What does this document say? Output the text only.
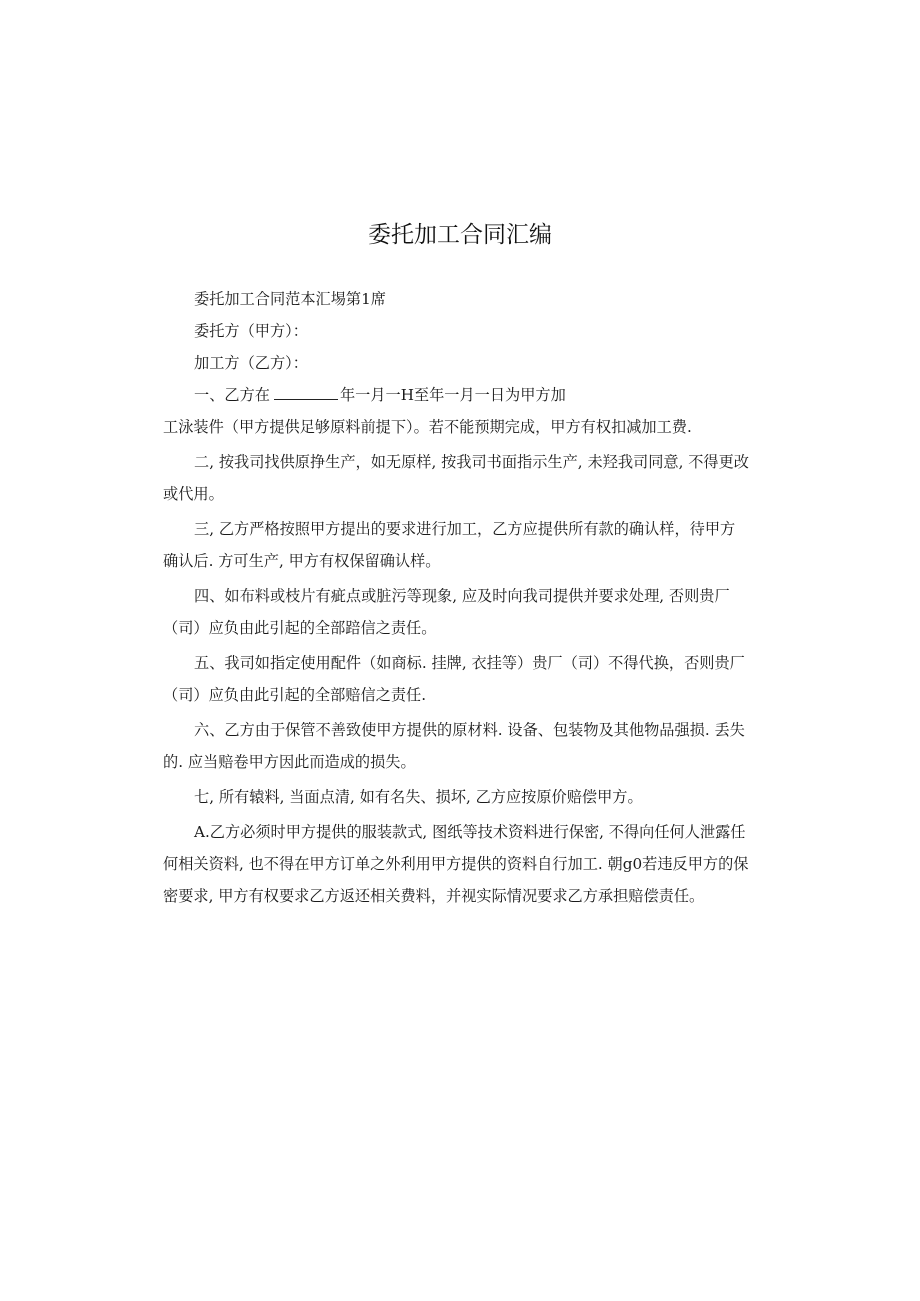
委托加工合同汇编
委托加工合同范本汇埸第1席
委托方（甲方）：
加工方（乙方）：
一、乙方在	年一月一H至年一月一日为甲方加
工泳装件（甲方提供足够原料前提下）。若不能预期完成，甲方有权扣减加工费.
二, 按我司找供原挣生产，如无原样, 按我司书面指示生产, 未羟我司同意, 不得更改
或代用。
三, 乙方严格按照甲方提出的要求进行加工，乙方应提供所有款的确认样，待甲方
确认后. 方可生产, 甲方有权保留确认样。
四、如布料或枝片有疵点或脏污等现象, 应及时向我司提供并要求处理, 否则贵厂
（司）应负由此引起的全部踣信之责任。
五、我司如指定使用配件（如商标. 挂牌, 衣挂等）贵厂（司）不得代换，否则贵厂
（司）应负由此引起的全部赔信之责任.
六、乙方由于保管不善致使甲方提供的原材料. 设备、包装物及其他物品强损. 丢失
的. 应当赔卷甲方因此而造成的损失。
七, 所有辕料, 当面点清, 如有名失、损坏, 乙方应按原价赔偿甲方。
A.乙方必须时甲方提供的服装款式, 图纸等技术资料进行保密, 不得向任何人泄露任
何相关资料, 也不得在甲方订单之外利用甲方提供的资料自行加工. 朝g0若违反甲方的保
密要求, 甲方有权要求乙方返还相关费料，并视实际情况要求乙方承担赔偿责任。
